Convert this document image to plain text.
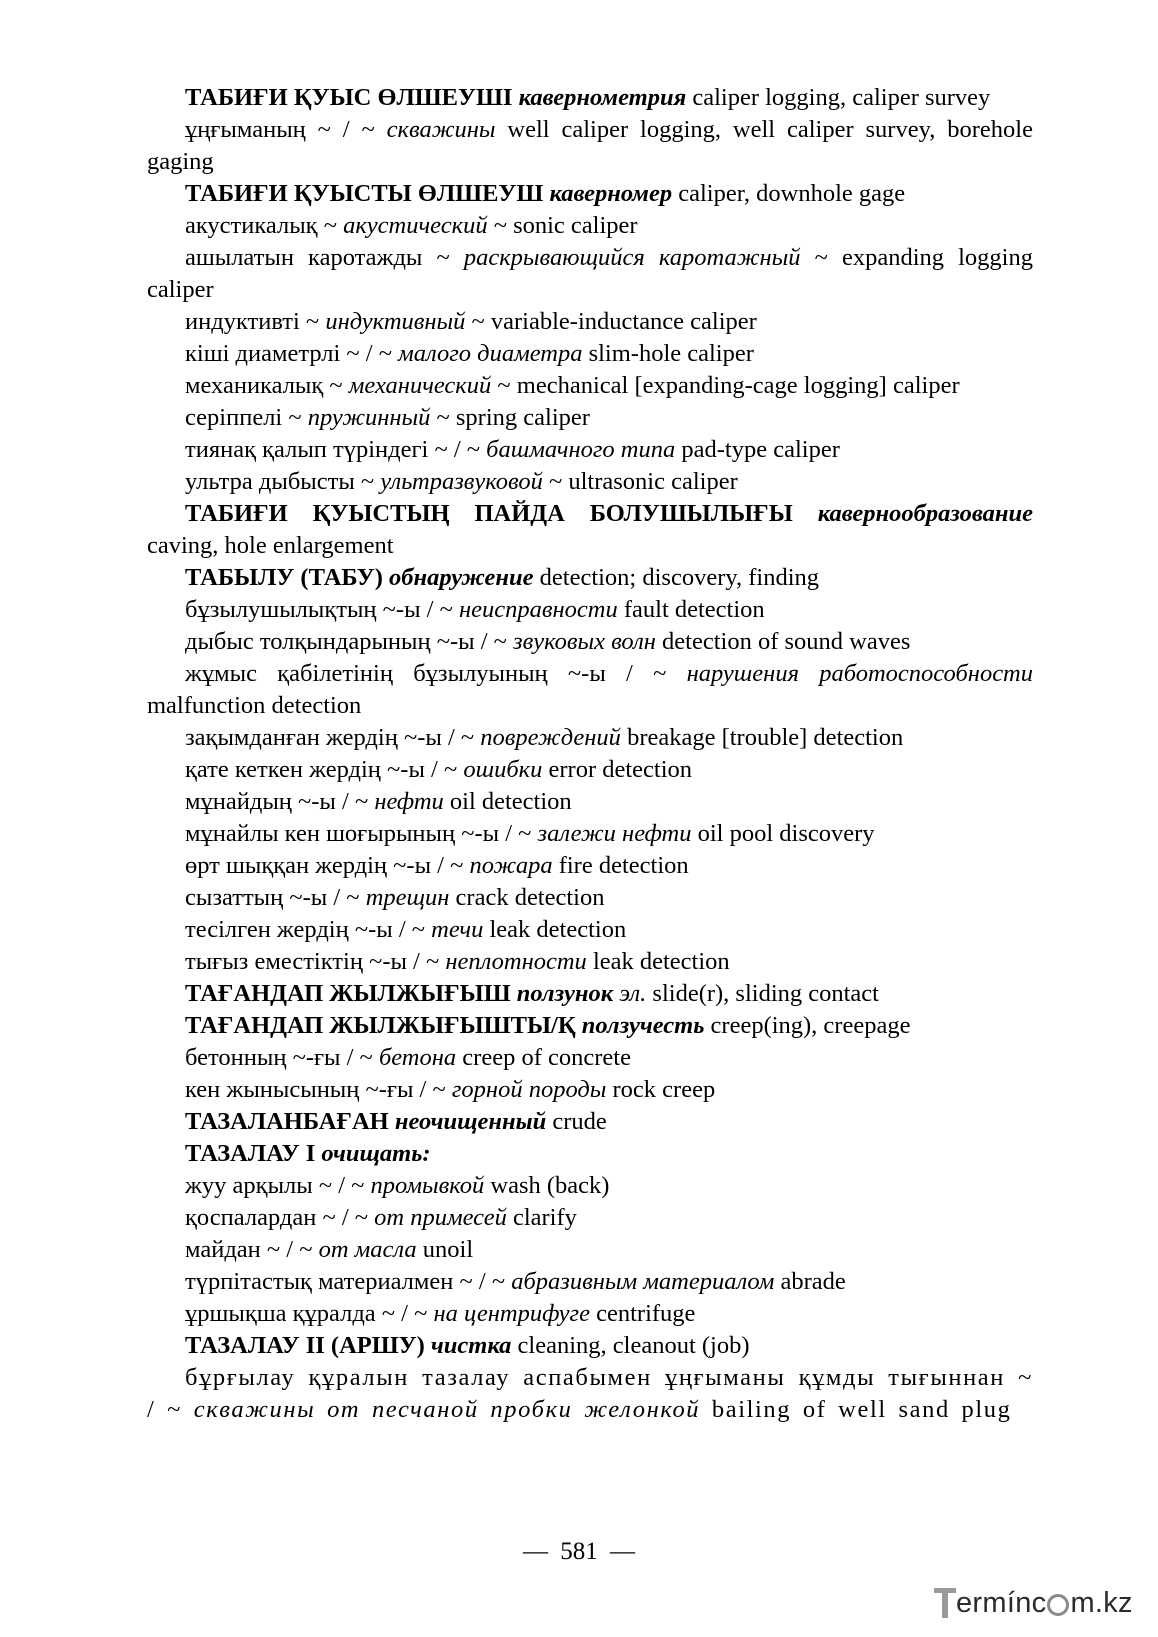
ТАБИҒИ ҚУЫС ӨЛШЕУШІ кавернометрия caliper logging, caliper survey

ұңғыманың ~ / ~ скважины well caliper logging, well caliper survey, borehole gaging

ТАБИҒИ ҚУЫСТЫ ӨЛШЕУШ каверномер caliper, downhole gage

акустикалық ~ акустический ~ sonic caliper

ашылатын каротажды ~ раскрывающийся каротажный ~ expanding logging caliper

индуктивті ~ индуктивный ~ variable-inductance caliper

кіші диаметрлі ~ / ~ малого диаметра slim-hole caliper

механикалық ~ механический ~ mechanical [expanding-cage logging] caliper

серіппелі ~ пружинный ~ spring caliper

тиянақ қалып түріндегі ~ / ~ башмачного типа pad-type caliper

ультра дыбысты ~ ультразвуковой ~ ultrasonic caliper

ТАБИҒИ ҚУЫСТЫҢ ПАЙДА БОЛУШЫЛЫҒЫ кавернообразование caving, hole enlargement

ТАБЫЛУ (ТАБУ) обнаружение detection; discovery, finding

бұзылушылықтың ~-ы / ~ неисправности fault detection

дыбыс толқындарының ~-ы / ~ звуковых волн detection of sound waves

жұмыс қабілетінің бұзылуының ~-ы / ~ нарушения работоспособности malfunction detection

зақымданған жердің ~-ы / ~ повреждений breakage [trouble] detection

қате кеткен жердің ~-ы / ~ ошибки error detection

мұнайдың ~-ы / ~ нефти oil detection

мұнайлы кен шоғырының ~-ы / ~ залежи нефти oil pool discovery

өрт шыққан жердің ~-ы / ~ пожара fire detection

сызаттың ~-ы / ~ трещин crack detection

тесілген жердің ~-ы / ~ течи leak detection

тығыз еместіктің ~-ы / ~ неплотности leak detection

ТАҒАНДАП ЖЫЛЖЫҒЫШ ползунок эл. slide(r), sliding contact

ТАҒАНДАП ЖЫЛЖЫҒЫШТЫ/Қ ползучесть creep(ing), creepage

бетонның ~-ғы / ~ бетона creep of concrete

кен жынысының ~-ғы / ~ горной породы rock creep

ТАЗАЛАНБАҒАН неочищенный crude

ТАЗАЛАУ І очищать:

жуу арқылы ~ / ~ промывкой wash (back)

қоспалардан ~ / ~ от примесей clarify

майдан ~ / ~ от масла unoil

түрпітастық материалмен ~ / ~ абразивным материалом abrade

ұршықша құралда ~ / ~ на центрифуге centrifuge

ТАЗАЛАУ ІІ (АРШУ) чистка cleaning, cleanout (job)

бұрғылау құралын тазалау аспабымен ұңғыманы құмды тығыннан ~ / ~ скважины от песчаной пробки желонкой bailing of well sand plug

— 581 —
ermínc m.kz
